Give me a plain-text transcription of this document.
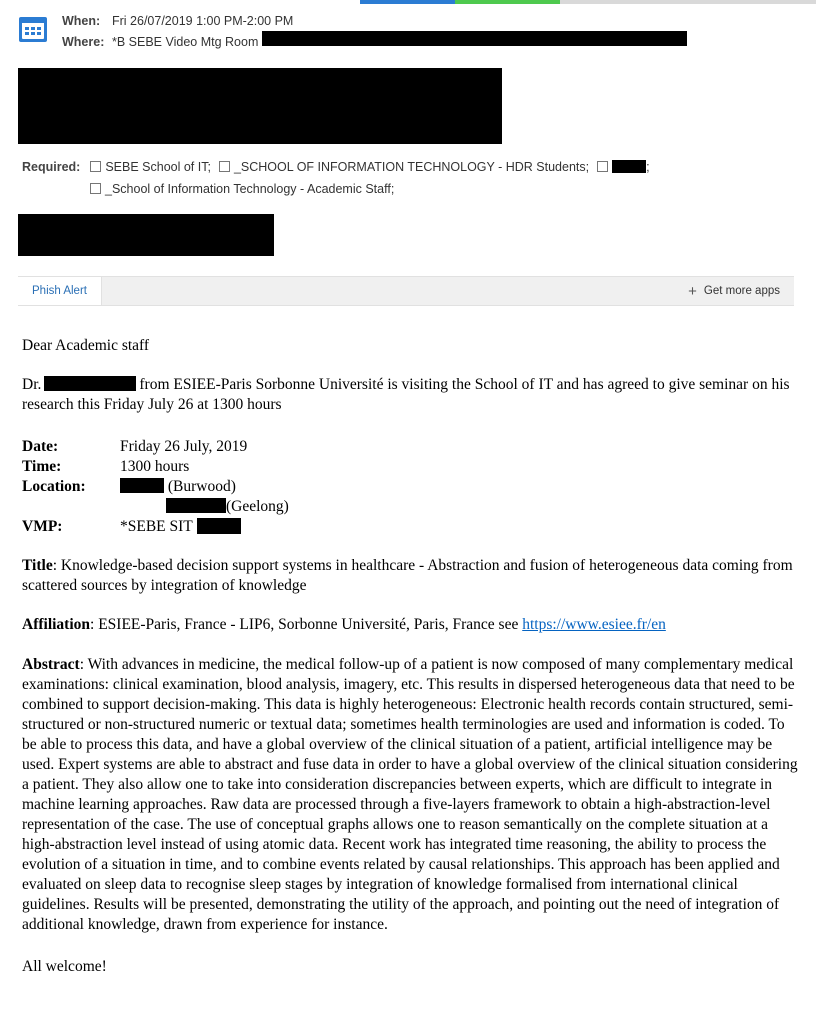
When: Fri 26/07/2019 1:00 PM-2:00 PM
Where: *B SEBE Video Mtg Room
Required: SEBE School of IT; _SCHOOL OF INFORMATION TECHNOLOGY - HDR Students;	;
_School of Information Technology - Academic Staff;
Phish Alert	+ Get more apps
Dear Academic staff
Dr.	from ESIEE-Paris Sorbonne Université is visiting the School of IT and has agreed to give seminar on his research this Friday July 26 at 1300 hours
Date:	Friday 26 July, 2019
Time:	1300 hours
Location:	(Burwood)
	(Geelong)
VMP:	*SEBE SIT
Title: Knowledge-based decision support systems in healthcare - Abstraction and fusion of heterogeneous data coming from scattered sources by integration of knowledge
Affiliation: ESIEE-Paris, France - LIP6, Sorbonne Université, Paris, France see https://www.esiee.fr/en
Abstract: With advances in medicine, the medical follow-up of a patient is now composed of many complementary medical examinations: clinical examination, blood analysis, imagery, etc. This results in dispersed heterogeneous data that need to be combined to support decision-making. This data is highly heterogeneous: Electronic health records contain structured, semi-structured or non-structured numeric or textual data; sometimes health terminologies are used and information is coded. To be able to process this data, and have a global overview of the clinical situation of a patient, artificial intelligence may be used. Expert systems are able to abstract and fuse data in order to have a global overview of the clinical situation considering a patient. They also allow one to take into consideration discrepancies between experts, which are difficult to integrate in machine learning approaches. Raw data are processed through a five-layers framework to obtain a high-abstraction-level representation of the case. The use of conceptual graphs allows one to reason semantically on the complete situation at a high-abstraction level instead of using atomic data. Recent work has integrated time reasoning, the ability to process the evolution of a situation in time, and to combine events related by causal relationships. This approach has been applied and evaluated on sleep data to recognise sleep stages by integration of knowledge formalised from international clinical guidelines. Results will be presented, demonstrating the utility of the approach, and pointing out the need of integration of additional knowledge, drawn from experience for instance.
All welcome!
